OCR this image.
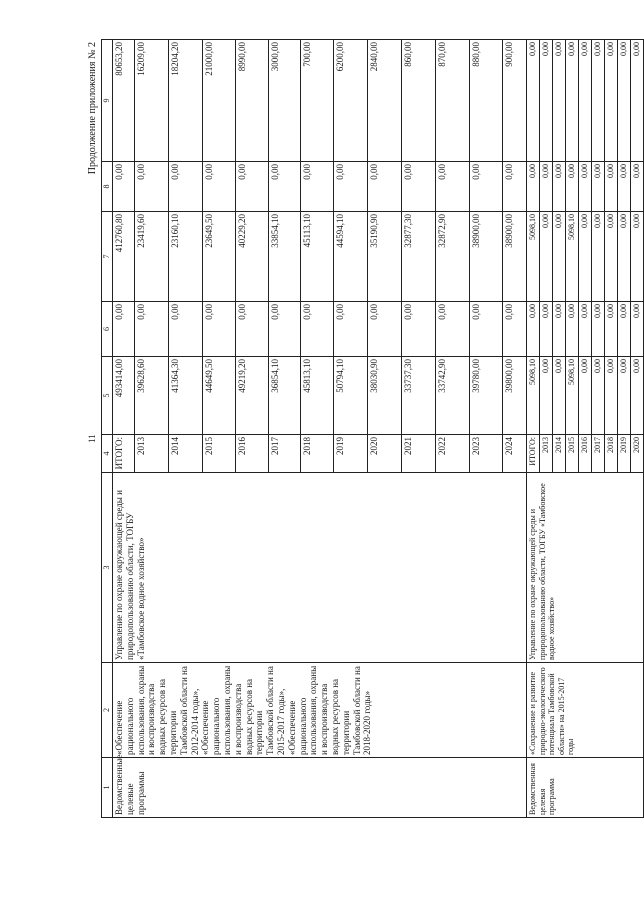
11
Продолжение приложения № 2
1	2	3	4	5	6	7	8	9
Ведомственные целевые программы	«Обеспечение рационального использования, охраны и воспроизводства водных ресурсов на территории Тамбовской области на 2012-2014 годы», «Обеспечение рационального использования, охраны и воспроизводства водных ресурсов на территории Тамбовской области на 2015-2017 годы», «Обеспечение рационального использования, охраны и воспроизводства водных ресурсов на территории Тамбовской области на 2018-2020 годы»	Управление по охране окружающей среды и природопользованию области, ТОГБУ «Тамбовское водное хозяйство»	ИТОГО:	493414,00	0,00	412760,80	0,00	80653,20
			2013	39628,60	0,00	23419,60	0,00	16209,00
			2014	41364,30	0,00	23160,10	0,00	18204,20
			2015	44649,50	0,00	23649,50	0,00	21000,00
			2016	49219,20	0,00	40229,20	0,00	8990,00
			2017	36854,10	0,00	33854,10	0,00	3000,00
			2018	45813,10	0,00	45113,10	0,00	700,00
			2019	50794,10	0,00	44594,10	0,00	6200,00
			2020	38030,90	0,00	35190,90	0,00	2840,00
			2021	33737,30	0,00	32877,30	0,00	860,00
			2022	33742,90	0,00	32872,90	0,00	870,00
			2023	39780,00	0,00	38900,00	0,00	880,00
			2024	39800,00	0,00	38900,00	0,00	900,00
Ведомственная целевая программа	«Сохранение и развитие природно-экологического потенциала Тамбовской области» на 2015-2017 годы	Управление по охране окружающей среды и природопользованию области, ТОГБУ «Тамбовское водное хозяйство»	ИТОГО:	5098,10	0,00	5098,10	0,00	0,00
			2013	0,00	0,00	0,00	0,00	0,00
			2014	0,00	0,00	0,00	0,00	0,00
			2015	5098,10	0,00	5098,10	0,00	0,00
			2016	0,00	0,00	0,00	0,00	0,00
			2017	0,00	0,00	0,00	0,00	0,00
			2018	0,00	0,00	0,00	0,00	0,00
			2019	0,00	0,00	0,00	0,00	0,00
			2020	0,00	0,00	0,00	0,00	0,00
